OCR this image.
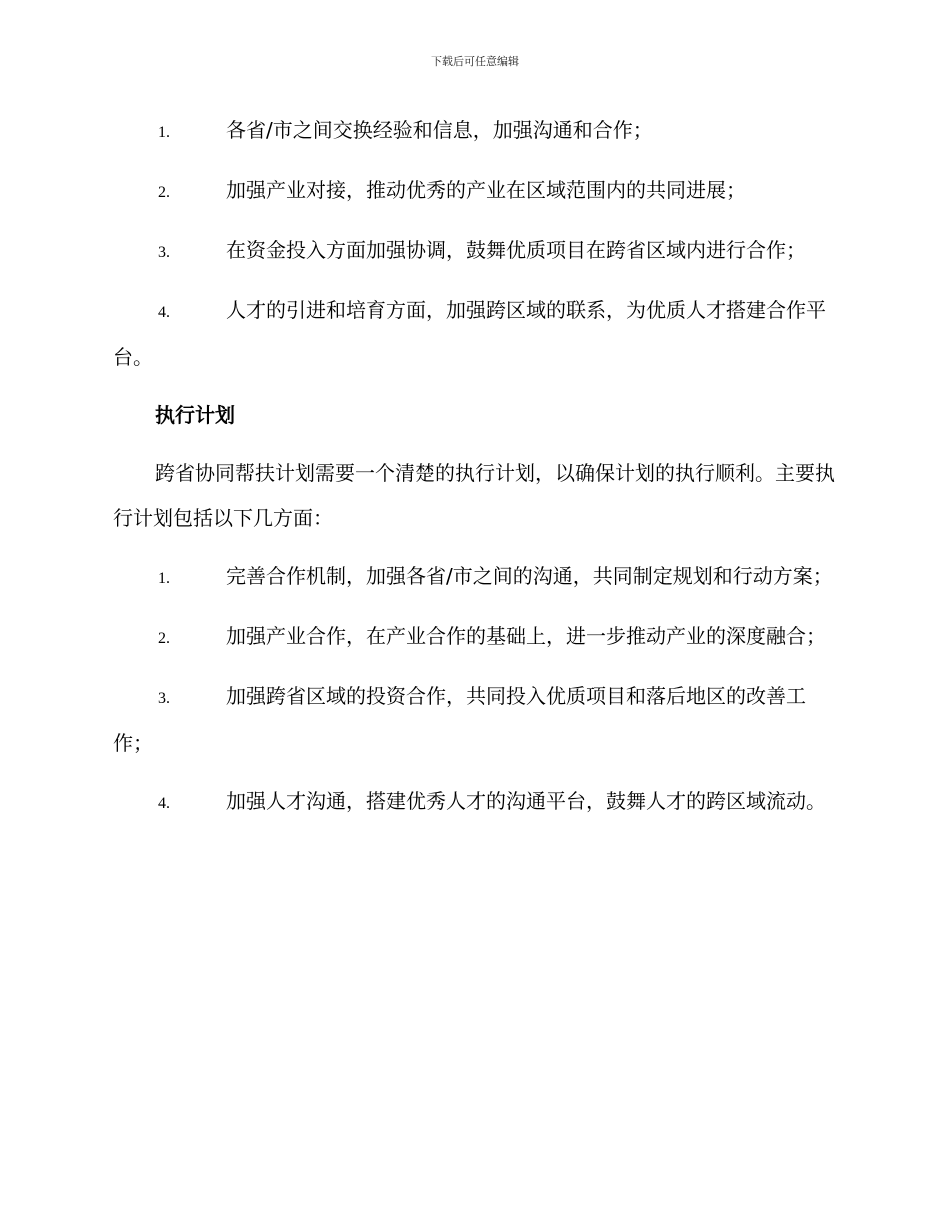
下载后可任意编辑
1.	各省/市之间交换经验和信息，加强沟通和合作；
2.	加强产业对接，推动优秀的产业在区域范围内的共同进展；
3.	在资金投入方面加强协调，鼓舞优质项目在跨省区域内进行合作；
4.	人才的引进和培育方面，加强跨区域的联系，为优质人才搭建合作平台。
执行计划
跨省协同帮扶计划需要一个清楚的执行计划，以确保计划的执行顺利。主要执行计划包括以下几方面：
1.	完善合作机制，加强各省/市之间的沟通，共同制定规划和行动方案；
2.	加强产业合作，在产业合作的基础上，进一步推动产业的深度融合；
3.	加强跨省区域的投资合作，共同投入优质项目和落后地区的改善工作；
4.	加强人才沟通，搭建优秀人才的沟通平台，鼓舞人才的跨区域流动。
